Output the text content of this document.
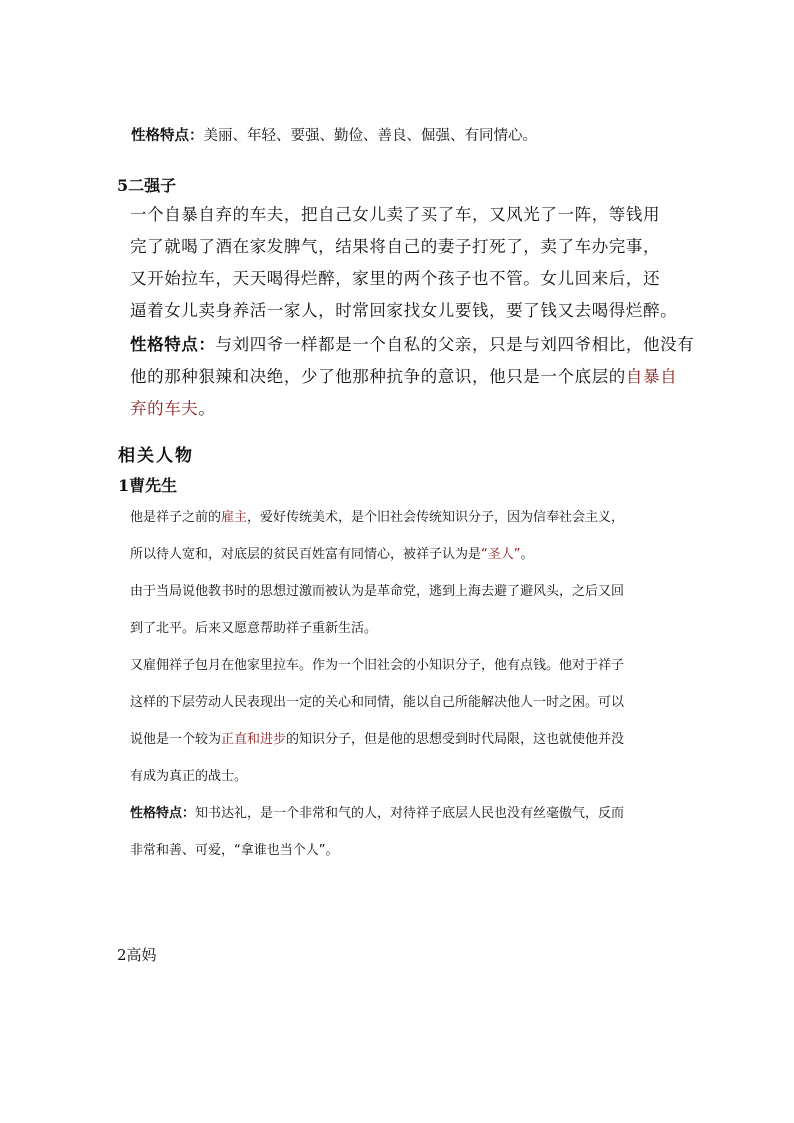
性格特点：美丽、年轻、要强、勤俭、善良、倔强、有同情心。
5二强子
一个自暴自弃的车夫，把自己女儿卖了买了车，又风光了一阵，等钱用
完了就喝了酒在家发脾气，结果将自己的妻子打死了，卖了车办完事，
又开始拉车，天天喝得烂醉，家里的两个孩子也不管。女儿回来后，还
逼着女儿卖身养活一家人，时常回家找女儿要钱，要了钱又去喝得烂醉。
性格特点：与刘四爷一样都是一个自私的父亲，只是与刘四爷相比，他没有
他的那种狠辣和决绝，少了他那种抗争的意识，他只是一个底层的自暴自
弃的车夫。
相关人物
1曹先生
他是祥子之前的雇主，爱好传统美术，是个旧社会传统知识分子，因为信奉社会主义，
所以待人宽和，对底层的贫民百姓富有同情心，被祥子认为是“圣人”。
由于当局说他教书时的思想过激而被认为是革命党，逃到上海去避了避风头，之后又回
到了北平。后来又愿意帮助祥子重新生活。
又雇佣祥子包月在他家里拉车。作为一个旧社会的小知识分子，他有点钱。他对于祥子
这样的下层劳动人民表现出一定的关心和同情，能以自己所能解决他人一时之困。可以
说他是一个较为正直和进步的知识分子，但是他的思想受到时代局限，这也就使他并没
有成为真正的战士。
性格特点：知书达礼，是一个非常和气的人，对待祥子底层人民也没有丝毫傲气，反而
非常和善、可爱，“拿谁也当个人”。
2高妈
